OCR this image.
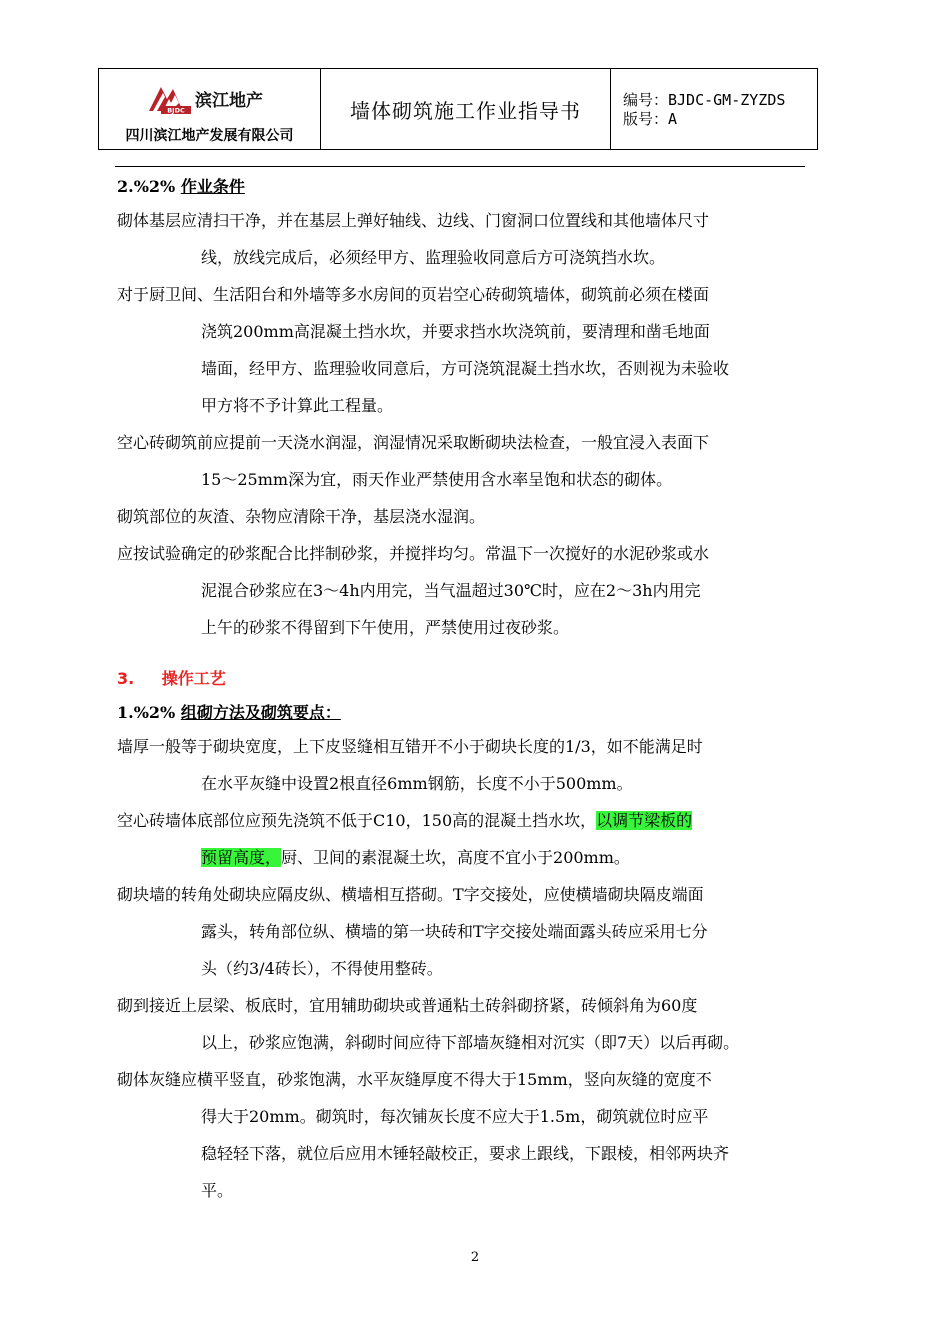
BJDC 滨江地产
四川滨江地产发展有限公司
墙体砌筑施工作业指导书	编号：BJDC-GM-ZYZDS
版号：A
2.%2% 作业条件
砌体基层应清扫干净，并在基层上弹好轴线、边线、门窗洞口位置线和其他墙体尺寸
线，放线完成后，必须经甲方、监理验收同意后方可浇筑挡水坎。
对于厨卫间、生活阳台和外墙等多水房间的页岩空心砖砌筑墙体，砌筑前必须在楼面
浇筑200mm高混凝土挡水坎，并要求挡水坎浇筑前，要清理和凿毛地面
墙面，经甲方、监理验收同意后，方可浇筑混凝土挡水坎，否则视为未验收
甲方将不予计算此工程量。
空心砖砌筑前应提前一天浇水润湿，润湿情况采取断砌块法检查，一般宜浸入表面下
15～25mm深为宜，雨天作业严禁使用含水率呈饱和状态的砌体。
砌筑部位的灰渣、杂物应清除干净，基层浇水湿润。
应按试验确定的砂浆配合比拌制砂浆，并搅拌均匀。常温下一次搅好的水泥砂浆或水
泥混合砂浆应在3～4h内用完，当气温超过30℃时，应在2～3h内用完
上午的砂浆不得留到下午使用，严禁使用过夜砂浆。
3. 操作工艺
1.%2% 组砌方法及砌筑要点：
墙厚一般等于砌块宽度，上下皮竖缝相互错开不小于砌块长度的1/3，如不能满足时
在水平灰缝中设置2根直径6mm钢筋，长度不小于500mm。
空心砖墙体底部位应预先浇筑不低于C10，150高的混凝土挡水坎，以调节梁板的
预留高度，厨、卫间的素混凝土坎，高度不宜小于200mm。
砌块墙的转角处砌块应隔皮纵、横墙相互搭砌。T字交接处，应使横墙砌块隔皮端面
露头，转角部位纵、横墙的第一块砖和T字交接处端面露头砖应采用七分
头（约3/4砖长），不得使用整砖。
砌到接近上层梁、板底时，宜用辅助砌块或普通粘土砖斜砌挤紧，砖倾斜角为60度
以上，砂浆应饱满，斜砌时间应待下部墙灰缝相对沉实（即7天）以后再砌。
砌体灰缝应横平竖直，砂浆饱满，水平灰缝厚度不得大于15mm，竖向灰缝的宽度不
得大于20mm。砌筑时，每次铺灰长度不应大于1.5m，砌筑就位时应平
稳轻轻下落，就位后应用木锤轻敲校正，要求上跟线，下跟棱，相邻两块齐
平。
2
